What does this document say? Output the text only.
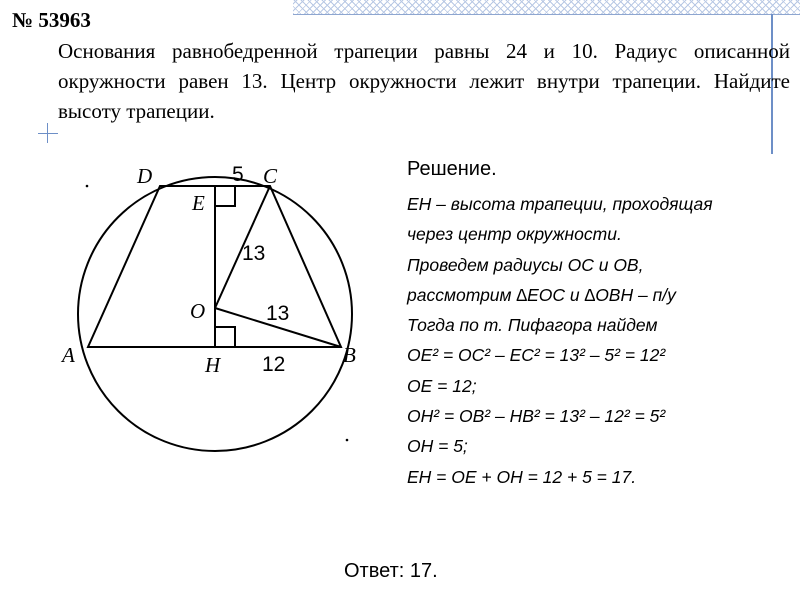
№ 53963

Основания равнобедренной трапеции равны 24 и 10. Радиус описанной окружности равен 13. Центр окружности лежит внутри трапеции. Найдите высоту трапеции.

D	C
E
O
A	H	B
5
13
13
12

Решение.

EH – высота трапеции, проходящая

через центр окружности.

Проведем радиусы OC и OB,

рассмотрим ∆EOC и ∆OBH – п/у

Тогда по т. Пифагора найдем

OE² = OC² – EC² = 13² – 5² = 12²

OE = 12;

OH² = OB² – HB² = 13² – 12² = 5²

OH = 5;

EH = OE + OH = 12 + 5 = 17.

Ответ: 17.
